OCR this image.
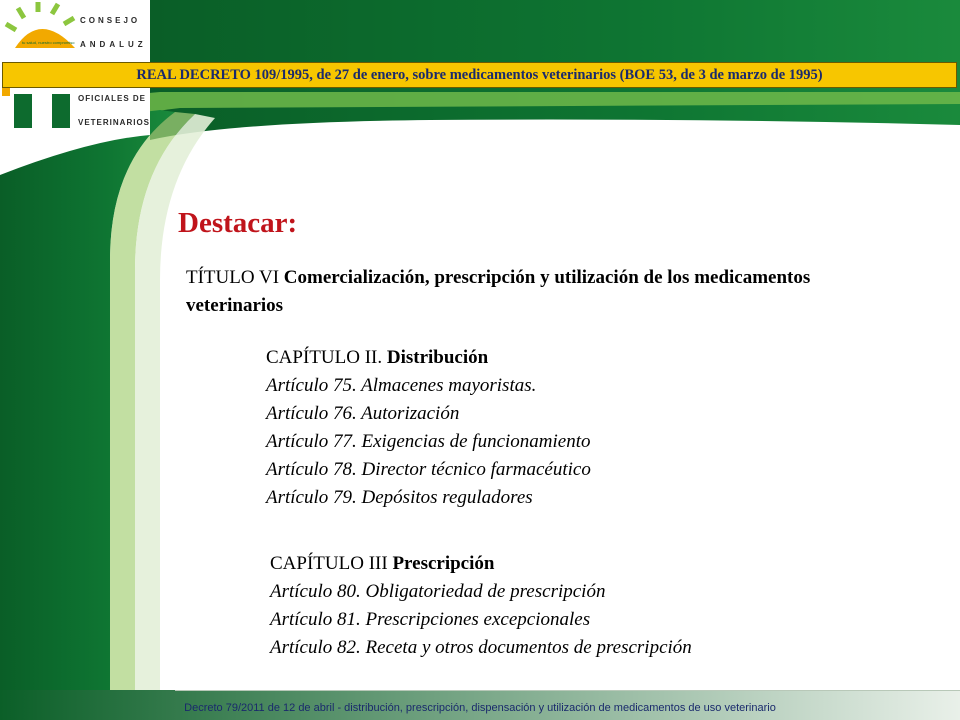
tu salud, nuestro compromiso
CONSEJO
ANDALUZ
OFICIALES DE
VETERINARIOS
REAL DECRETO 109/1995, de 27 de enero, sobre medicamentos veterinarios (BOE 53, de 3 de marzo de 1995)
Destacar:
TÍTULO VI Comercialización, prescripción y utilización de los medicamentos veterinarios
CAPÍTULO II. Distribución
Artículo 75. Almacenes mayoristas.
Artículo 76. Autorización
Artículo 77. Exigencias de funcionamiento
Artículo 78. Director técnico farmacéutico
Artículo 79. Depósitos reguladores
CAPÍTULO III Prescripción
Artículo 80. Obligatoriedad de prescripción
Artículo 81. Prescripciones excepcionales
Artículo 82. Receta y otros documentos de prescripción
Decreto 79/2011 de 12 de abril - distribución, prescripción, dispensación y utilización de medicamentos de uso veterinario
